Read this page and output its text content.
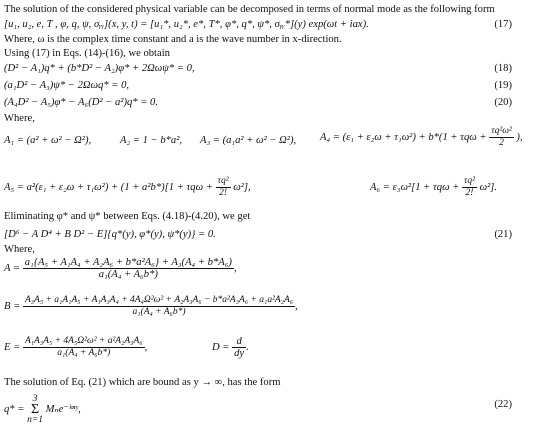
The solution of the considered physical variable can be decomposed in terms of normal mode as the following form
[u₁, u₂, e, T , φ, q, ψ, σᵧᵧ](x, y, t) = [u₁*, u₂*, e*, T*, φ*, q*, ψ*, σᵧᵧ*](y) exp(ωt + iax).	(17)
Where, ω is the complex time constant and a is the wave number in x-direction.
Using (17) in Eqs. (14)-(16), we obtain
(D² − A₁)q* + (b*D² − A₂)φ* + 2Ωωψ* = 0,	(18)
(a₁D² − A₃)ψ* − 2Ωωq* = 0,	(19)
(A₄D² − A₅)φ* − A₆(D² − a²)q* = 0.	(20)
Where,
A₁ = (a² + ω² − Ω²),	A₂ = 1 − b*a², A₃ = (a₁a² + ω² − Ω²), $A_4 = (\varepsilon_1 + \varepsilon_2\omega + \tau_1\omega^2) + b*(1 + \tau q\omega + \frac{\text{τq²ω²}}{2}$ ),
$A_5 = a^2(\varepsilon_1 + \varepsilon_2\omega + \tau_1\omega^2) + (1 + a^2b*)[1 + \tau q\omega + \frac{\text{τq²}}{2!} \omega^2]$,	$A_6 = \varepsilon_3\omega^2[1 + \tau q\omega + \frac{\text{τq²}}{2!} \omega^2]$.
Eliminating φ* and ψ* between Eqs. (4.18)-(4.20), we get
[D⁶ − A D⁴ + B D² − E]{q*(y), φ*(y), ψ*(y)} = 0.	(21)
Where,
$A = \frac{\text{a₁\{A₅ + A₁A₄ + A₂A₆ + b*a²A₆\} + A₃(A₄ + b*A₆)}}{\text{a₁(A₄ + A₆b*)}}$ ,
B =
A₃A₅ + a₁A₁A₅ + A₁A₃A₄ + 4A₄Ω²ω² + A₂A₃A₆ − b*a²A₃A₆ + a₁a²A₂A₆
a₁(A₄ + A₆b*)
,
$E = \frac{\text{A₁A₃A₅ + 4A₅Ω²ω² + a²A₂A₃A₆}}{\text{a₁(A₄ + A₆b*)}}$ ,	$D = \frac{d}{dy}$ .
The solution of Eq. (21) which are bound as y → ∞, has the form
q* =
3
Σ
n=1
Mₙe⁻ᵏⁿʸ,	(22)
